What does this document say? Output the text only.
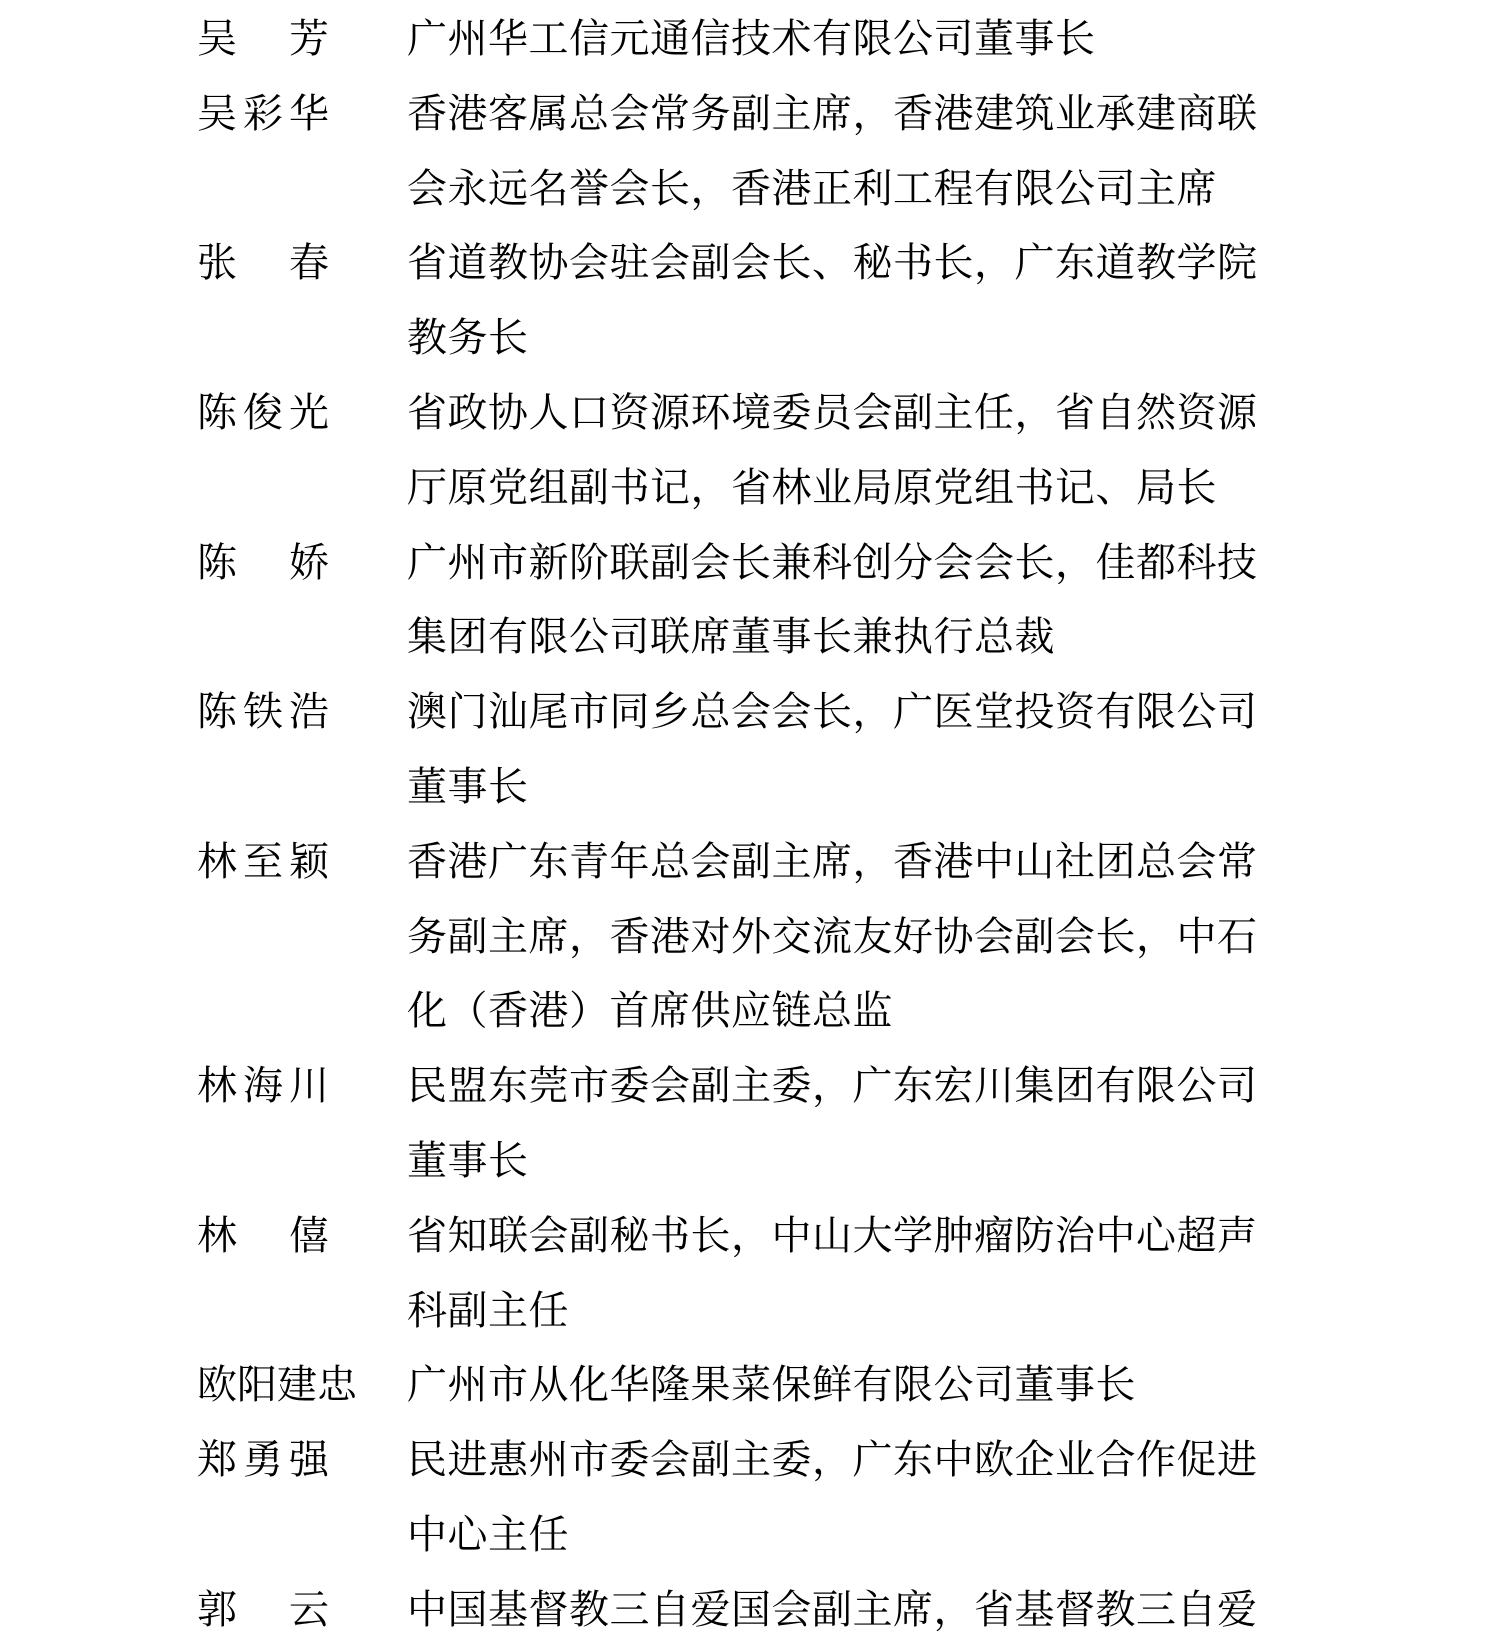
吴　芳	广州华工信元通信技术有限公司董事长
吴彩华	香港客属总会常务副主席，香港建筑业承建商联
会永远名誉会长，香港正利工程有限公司主席
张　春	省道教协会驻会副会长、秘书长，广东道教学院
教务长
陈俊光	省政协人口资源环境委员会副主任，省自然资源
厅原党组副书记，省林业局原党组书记、局长
陈　娇	广州市新阶联副会长兼科创分会会长，佳都科技
集团有限公司联席董事长兼执行总裁
陈铁浩	澳门汕尾市同乡总会会长，广医堂投资有限公司
董事长
林至颖	香港广东青年总会副主席，香港中山社团总会常
务副主席，香港对外交流友好协会副会长，中石
化（香港）首席供应链总监
林海川	民盟东莞市委会副主委，广东宏川集团有限公司
董事长
林　僖	省知联会副秘书长，中山大学肿瘤防治中心超声
科副主任
欧阳建忠	广州市从化华隆果菜保鲜有限公司董事长
郑勇强	民进惠州市委会副主委，广东中欧企业合作促进
中心主任
郭　云	中国基督教三自爱国会副主席，省基督教三自爱
